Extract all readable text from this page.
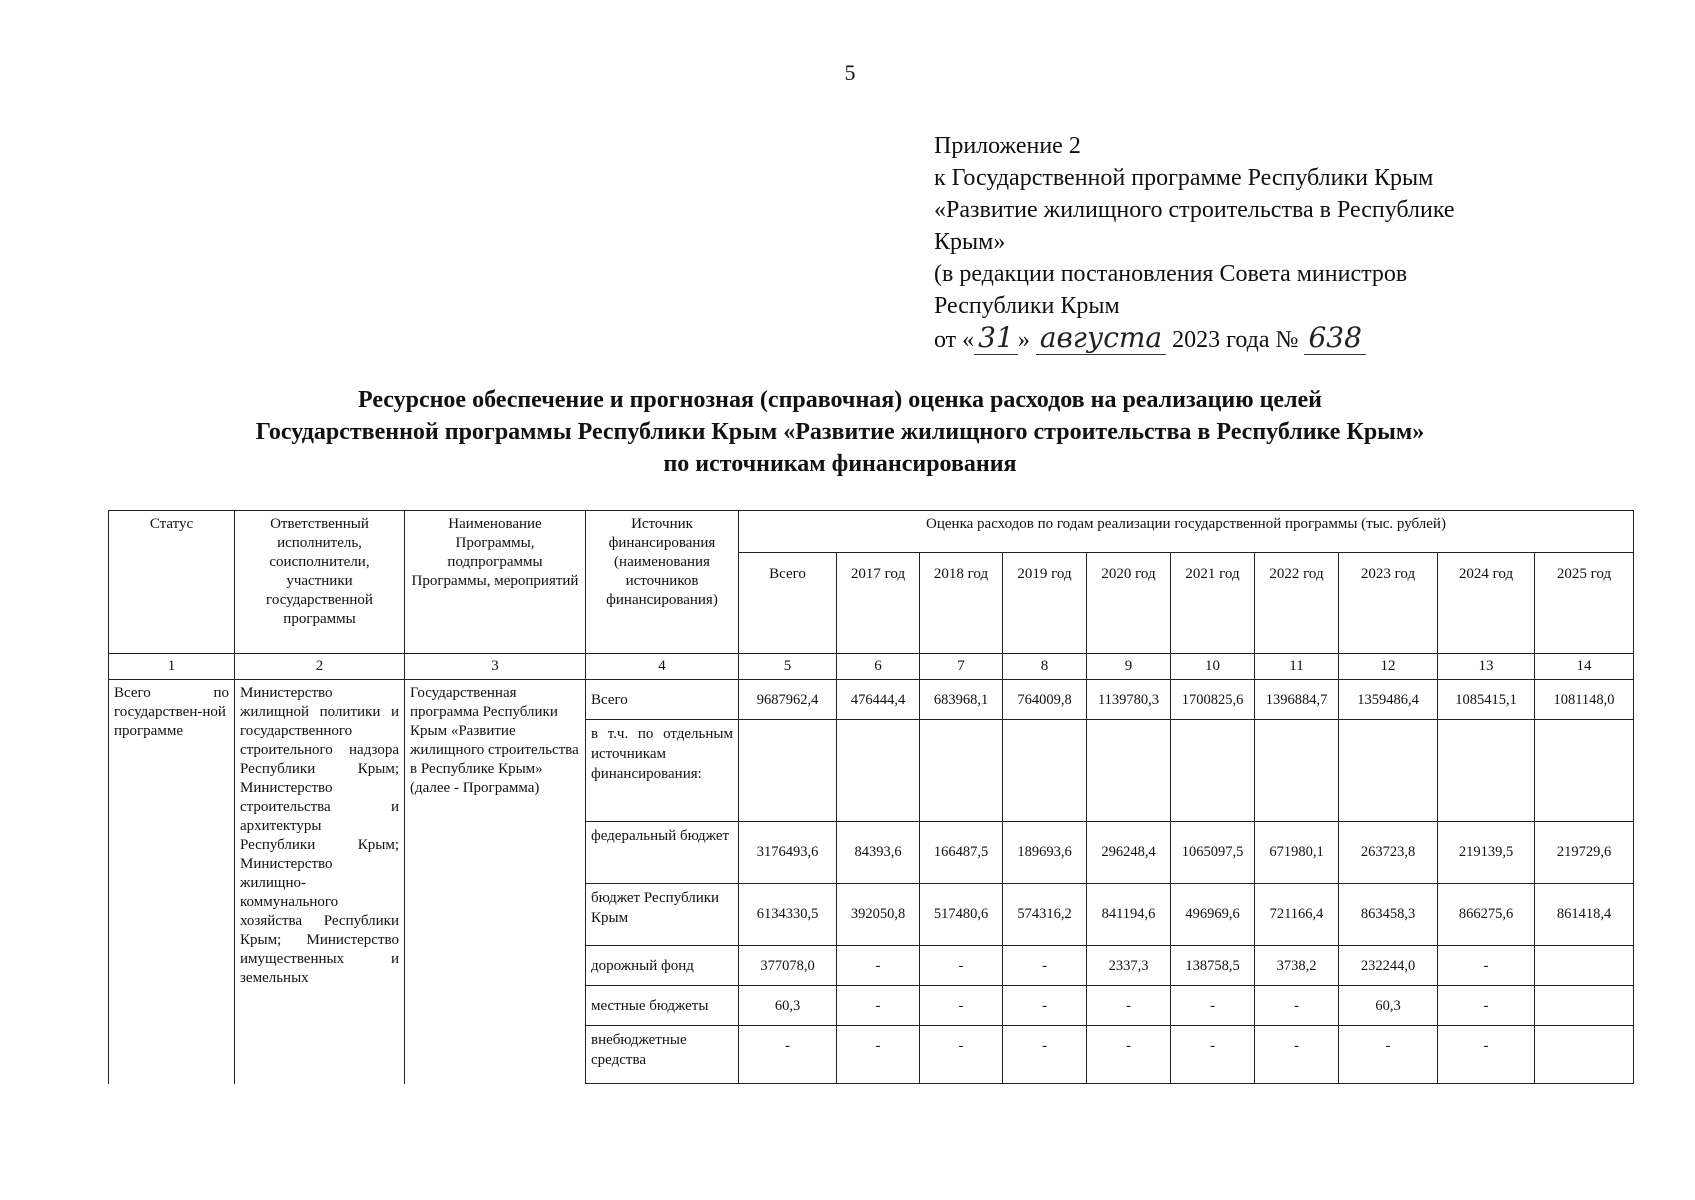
5
Приложение 2
к Государственной программе Республики Крым
«Развитие жилищного строительства в Республике
Крым»
(в редакции постановления Совета министров
Республики Крым
от « 31 » августа 2023 года № 638
Ресурсное обеспечение и прогнозная (справочная) оценка расходов на реализацию целей
Государственной программы Республики Крым «Развитие жилищного строительства в Республике Крым»
по источникам финансирования
Статус	Ответственный исполнитель, соисполнители, участники государственной программы	Наименование Программы, подпрограммы Программы, мероприятий	Источник финансирования (наименования источников финансирования)	Оценка расходов по годам реализации государственной программы (тыс. рублей)									
				Всего	2017 год	2018 год	2019 год	2020 год	2021 год	2022 год	2023 год	2024 год	2025 год
1	2	3	4	5	6	7	8	9	10	11	12	13	14
Всего по государствен-ной программе	Министерство жилищной политики и государственного строительного надзора Республики Крым; Министерство строительства и архитектуры Республики Крым; Министерство жилищно-коммунального хозяйства Республики Крым; Министерство имущественных и земельных	Государственная программа Республики Крым «Развитие жилищного строительства в Республике Крым» (далее - Программа)	Всего	9687962,4	476444,4	683968,1	764009,8	1139780,3	1700825,6	1396884,7	1359486,4	1085415,1	1081148,0
			в т.ч. по отдельным источникам финансирования:										
			федеральный бюджет	3176493,6	84393,6	166487,5	189693,6	296248,4	1065097,5	671980,1	263723,8	219139,5	219729,6
			бюджет Республики Крым	6134330,5	392050,8	517480,6	574316,2	841194,6	496969,6	721166,4	863458,3	866275,6	861418,4
			дорожный фонд	377078,0	-	-	-	2337,3	138758,5	3738,2	232244,0	-	
			местные бюджеты	60,3	-	-	-	-	-	-	60,3	-	
			внебюджетные средства	-	-	-	-	-	-	-	-	-	
